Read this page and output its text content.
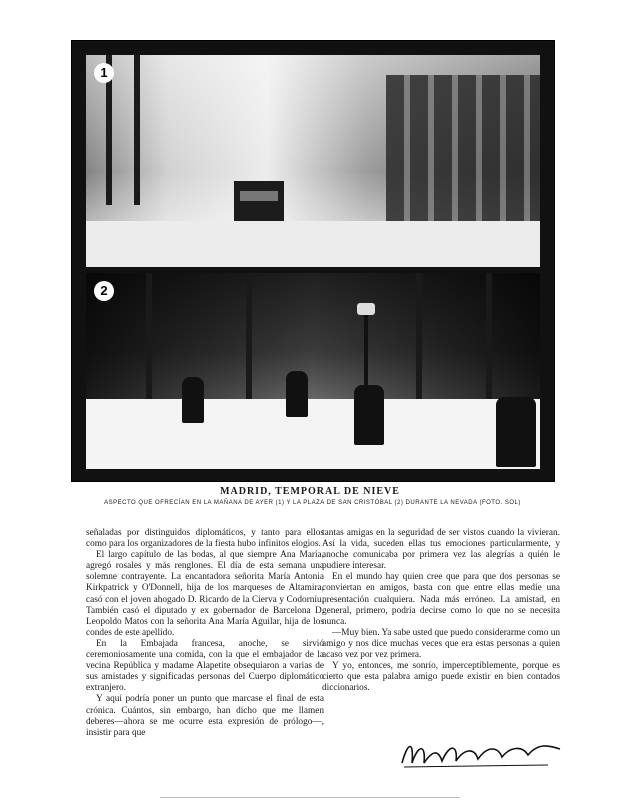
1
2
MADRID, TEMPORAL DE NIEVE
ASPECTO QUE OFRECÍAN EN LA MAÑANA DE AYER (1) Y LA PLAZA DE SAN CRISTÓBAL (2) DURANTE LA NEVADA (FOTO. SOL)

señaladas por distinguidos diplomáticos, y tanto para ellos como para los organizadores de la fiesta hubo infinitos elogios.

El largo capítulo de las bodas, al que siempre Ana María, agregó rosales y más renglones. El día de esta semana una solemne contrayente. La encantadora señorita María Antonia Kirkpatrick y O'Donnell, hija de los marqueses de Altamira, casó con el joven ahogado D. Ricardo de la Cierva y Codorníu. También casó el diputado y ex gobernador de Barcelona D. Leopoldo Matos con la señorita Ana María Aguilar, hija de los condes de este apellido.

En la Embajada francesa, anoche, se sirvió ceremoniosamente una comida, con la que el embajador de la vecina República y madame Alapetite obsequiaron a varias de sus amistades y significadas personas del Cuerpo diplomático extranjero.

Y aquí podría poner un punto que marcase el final de esta crónica. Cuántos, sin embargo, han dicho que me llamen deberes—ahora se me ocurre esta expresión de prólogo—, insistir para que

tantas amigas en la seguridad de ser vistos cuando la vivieran. Así la vida, suceden ellas tus emociones particularmente, y anoche comunicaba por primera vez las alegrías a quién le pudiere interesar.

En el mundo hay quien cree que para que dos personas se conviertan en amigos, basta con que entre ellas medie una presentación cualquiera. Nada más erróneo. La amistad, en general, primero, podría decirse como lo que no se necesita nunca.

—Muy bien. Ya sabe usted que puedo considerarme como un amigo y nos dice muchas veces que era estas personas a quien acaso vez por vez primera.

Y yo, entonces, me sonrío, imperceptiblemente, porque es cierto que esta palabra amigo puede existir en bien contados diccionarios.
